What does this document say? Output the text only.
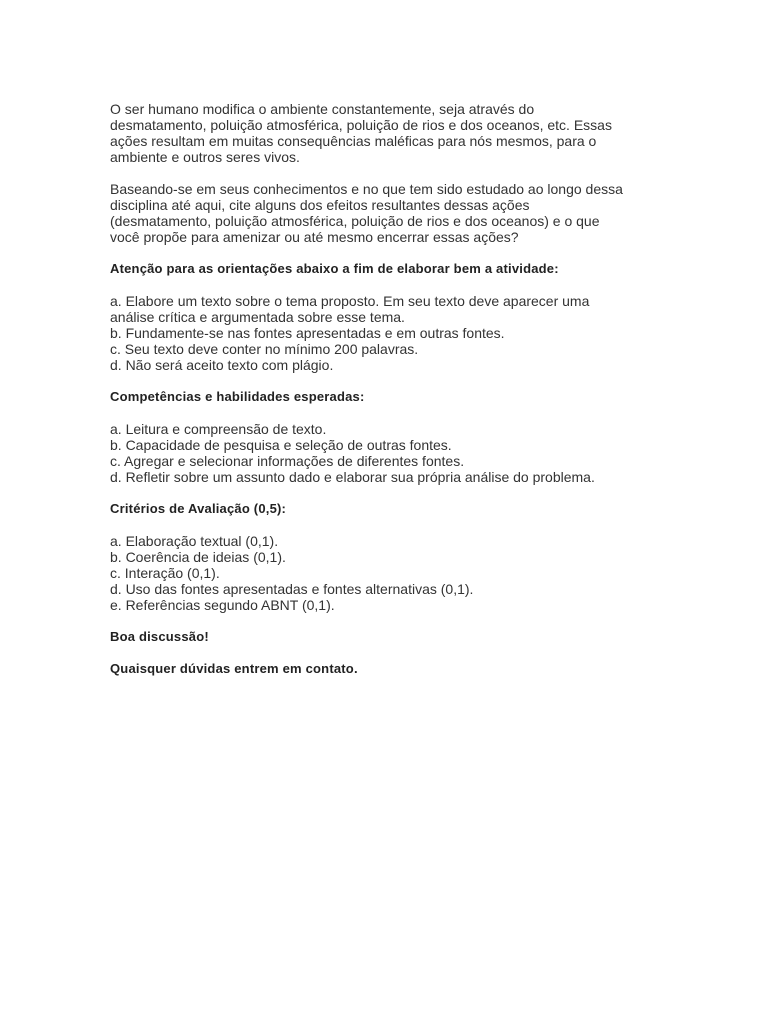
O ser humano modifica o ambiente constantemente, seja através do
desmatamento, poluição atmosférica, poluição de rios e dos oceanos, etc. Essas
ações resultam em muitas consequências maléficas para nós mesmos, para o
ambiente e outros seres vivos.

Baseando-se em seus conhecimentos e no que tem sido estudado ao longo dessa
disciplina até aqui, cite alguns dos efeitos resultantes dessas ações
(desmatamento, poluição atmosférica, poluição de rios e dos oceanos) e o que
você propõe para amenizar ou até mesmo encerrar essas ações?

Atenção para as orientações abaixo a fim de elaborar bem a atividade:

a. Elabore um texto sobre o tema proposto. Em seu texto deve aparecer uma
análise crítica e argumentada sobre esse tema.
b. Fundamente-se nas fontes apresentadas e em outras fontes.
c. Seu texto deve conter no mínimo 200 palavras.
d. Não será aceito texto com plágio.

Competências e habilidades esperadas:

a. Leitura e compreensão de texto.
b. Capacidade de pesquisa e seleção de outras fontes.
c. Agregar e selecionar informações de diferentes fontes.
d. Refletir sobre um assunto dado e elaborar sua própria análise do problema.

Critérios de Avaliação (0,5):

a. Elaboração textual (0,1).
b. Coerência de ideias (0,1).
c. Interação (0,1).
d. Uso das fontes apresentadas e fontes alternativas (0,1).
e. Referências segundo ABNT (0,1).

Boa discussão!

Quaisquer dúvidas entrem em contato.
